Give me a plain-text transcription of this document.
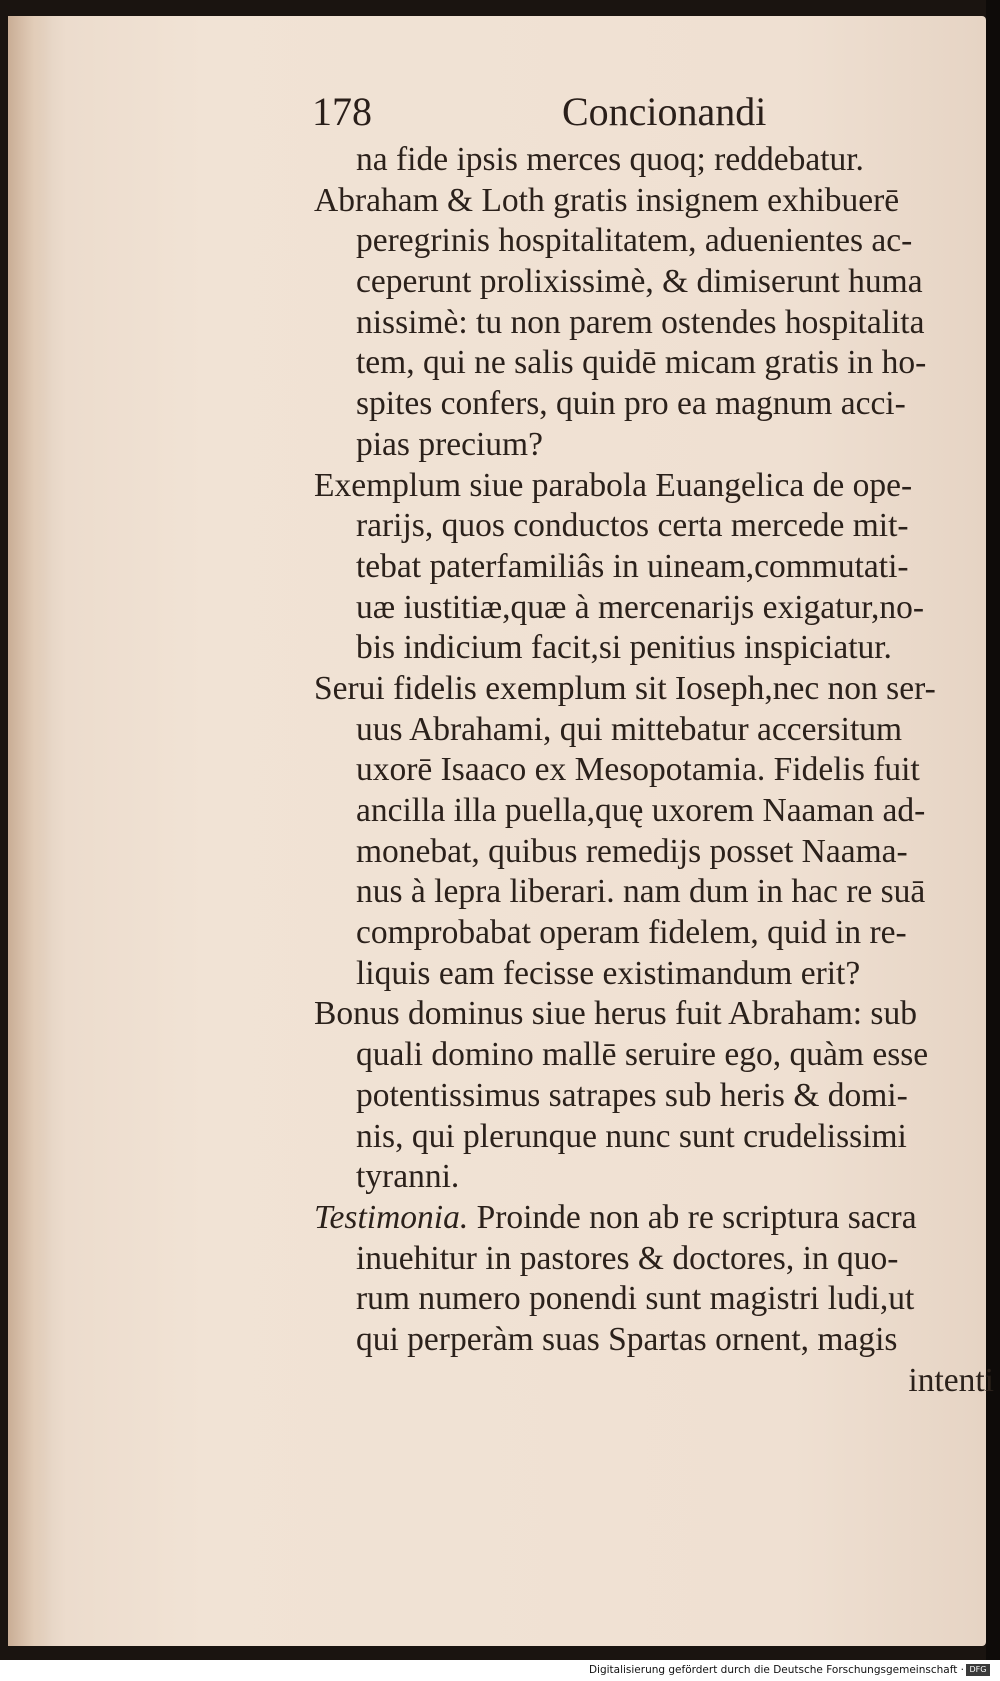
178	Concionandi
na fide ipsis merces quoq; reddebatur.
Abraham & Loth gratis insignem exhibuerē
peregrinis hospitalitatem, aduenientes ac-
ceperunt prolixissimè, & dimiserunt huma
nissimè: tu non parem ostendes hospitalita
tem, qui ne salis quidē micam gratis in ho-
spites confers, quin pro ea magnum acci-
pias precium?
Exemplum siue parabola Euangelica de ope-
rarijs, quos conductos certa mercede mit-
tebat paterfamiliâs in uineam,commutati-
uæ iustitiæ,quæ à mercenarijs exigatur,no-
bis indicium facit,si penitius inspiciatur.
Serui fidelis exemplum sit Ioseph,nec non ser-
uus Abrahami, qui mittebatur accersitum
uxorē Isaaco ex Mesopotamia. Fidelis fuit
ancilla illa puella,quę uxorem Naaman ad-
monebat, quibus remedijs posset Naama-
nus à lepra liberari. nam dum in hac re suā
comprobabat operam fidelem, quid in re-
liquis eam fecisse existimandum erit?
Bonus dominus siue herus fuit Abraham: sub
quali domino mallē seruire ego, quàm esse
potentissimus satrapes sub heris & domi-
nis, qui plerunque nunc sunt crudelissimi
tyranni.
Testimonia. Proinde non ab re scriptura sacra
inuehitur in pastores & doctores, in quo-
rum numero ponendi sunt magistri ludi,ut
qui perperàm suas Spartas ornent, magis
intenti
Digitalisierung gefördert durch die Deutsche Forschungsgemeinschaft · DFG
